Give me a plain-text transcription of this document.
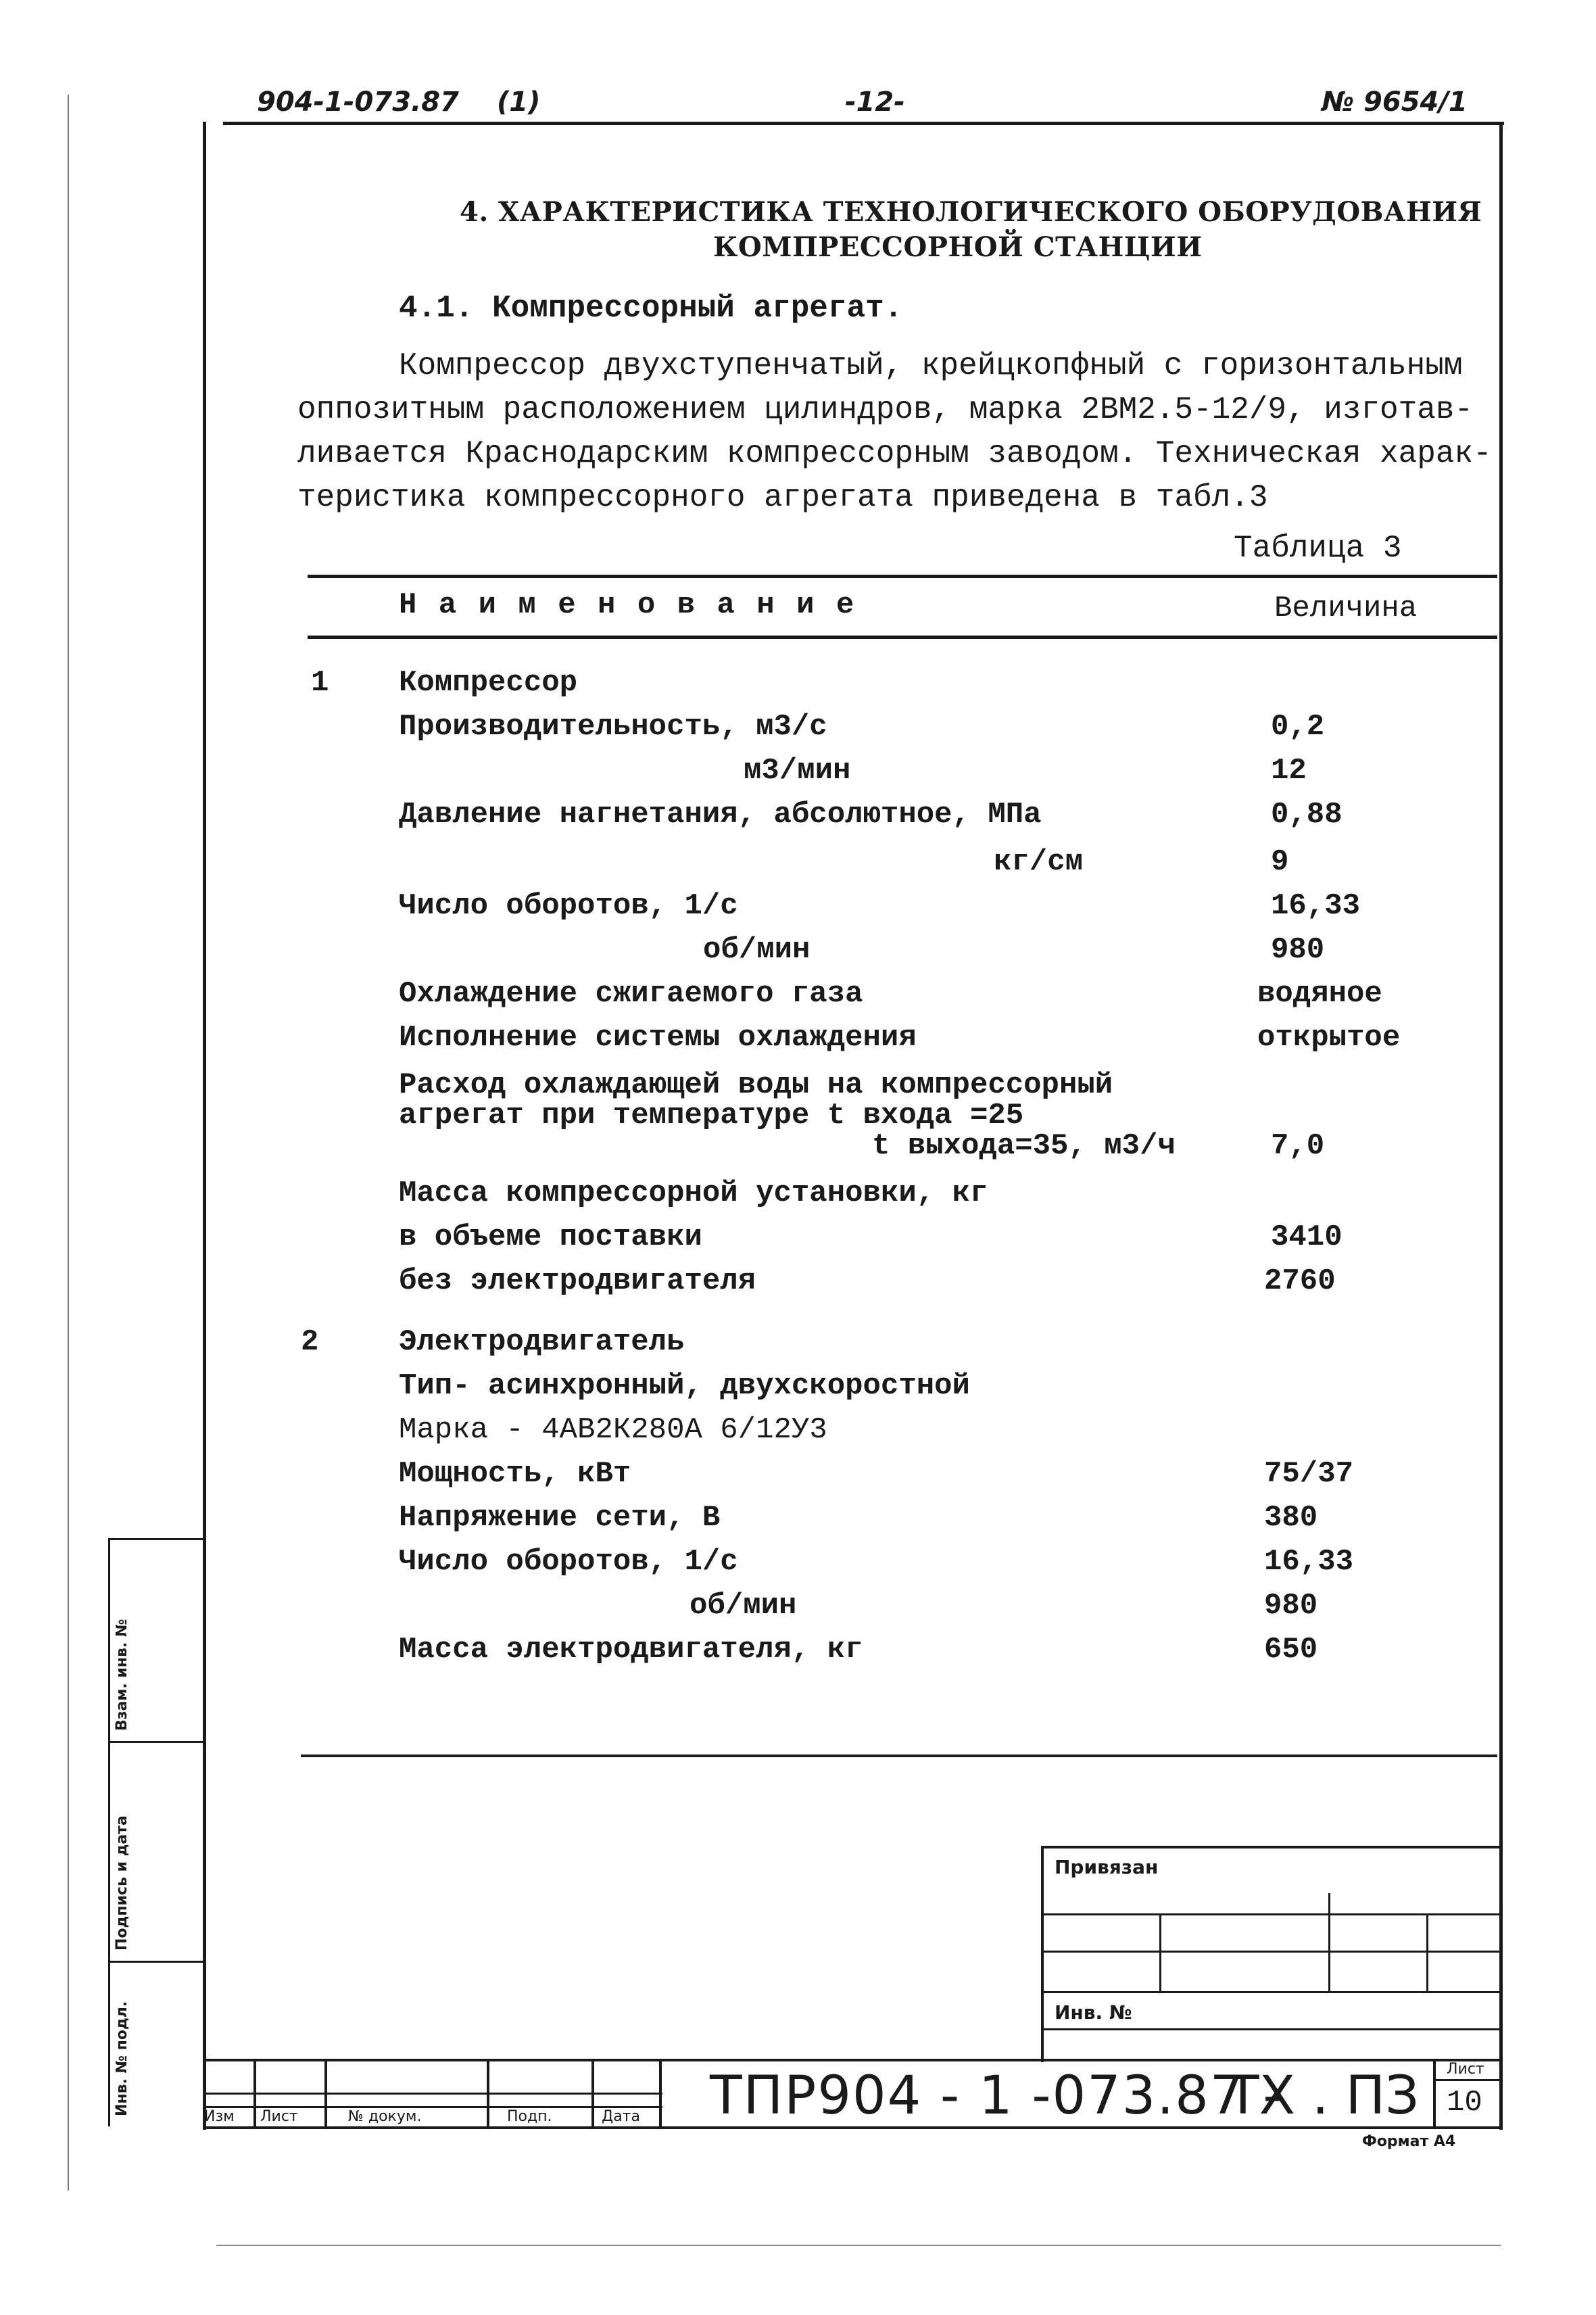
904-1-073.87 (1)	-12-	№ 9654/1
4. ХАРАКТЕРИСТИКА ТЕХНОЛОГИЧЕСКОГО ОБОРУДОВАНИЯ
КОМПРЕССОРНОЙ СТАНЦИИ
4.1. Компрессорный агрегат.
Компрессор двухступенчатый, крейцкопфный с горизонтальным
оппозитным расположением цилиндров, марка 2ВМ2.5-12/9, изготав-
ливается Краснодарским компрессорным заводом. Техническая харак-
теристика компрессорного агрегата приведена в табл.3
Таблица 3
Н а и м е н о в а н и е	Величина
1 Компрессор
Производительность, м3/с	0,2
м3/мин	12
Давление нагнетания, абсолютное, МПа	0,88
кг/см	9
Число оборотов, 1/с	16,33
об/мин	980
Охлаждение сжигаемого газа	водяное
Исполнение системы охлаждения	открытое
Расход охлаждающей воды на компрессорный
агрегат при температуре t входа =25
t выхода=35, м3/ч	7,0
Масса компрессорной установки, кг
в объеме поставки	3410
без электродвигателя	2760
2	Электродвигатель
Тип- асинхронный, двухскоростной
Марка - 4АВ2К280А 6/12У3
Мощность, кВт	75/37
Напряжение сети, В	380
Число оборотов, 1/с	16,33
об/мин	980
Масса электродвигателя, кг	650
Привязан
Инв. №
Изм Лист	№ докум.	Подп.	Дата ТПР904 - 1 -073.87 -
ТХ . ПЗ Лист
10
Формат А4
Взам. инв. №
Подпись и дата
Инв. № подл.
